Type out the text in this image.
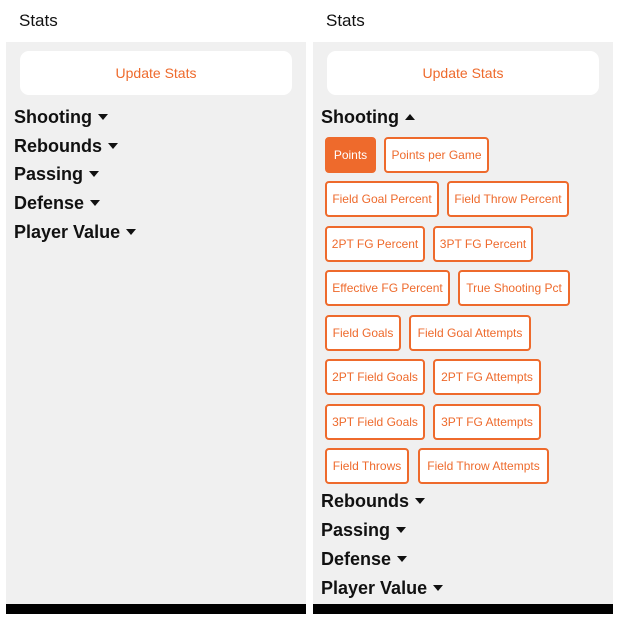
Stats
Update Stats
Shooting
Rebounds
Passing
Defense
Player Value
Stats
Update Stats
Shooting
Points	Points per Game
Field Goal Percent	Field Throw Percent
2PT FG Percent	3PT FG Percent
Effective FG Percent	True Shooting Pct
Field Goals	Field Goal Attempts
2PT Field Goals	2PT FG Attempts
3PT Field Goals	3PT FG Attempts
Field Throws	Field Throw Attempts
Rebounds
Passing
Defense
Player Value
